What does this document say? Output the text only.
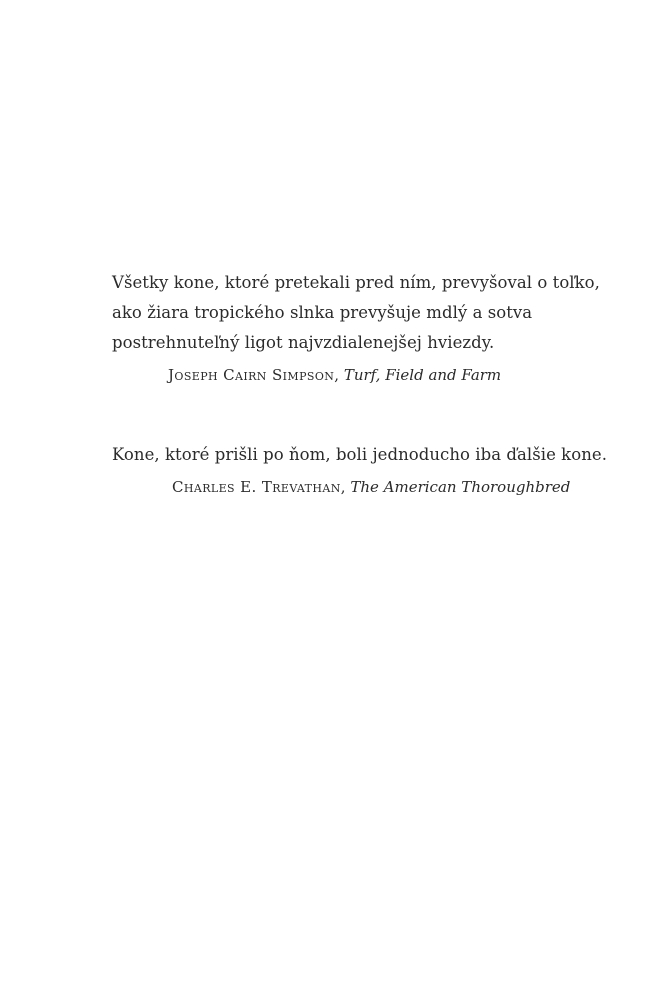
Všetky kone, ktoré pretekali pred ním, prevyšoval o toľko,
ako žiara tropického slnka prevyšuje mdlý a sotva
postrehnuteľný ligot najvzdialenejšej hviezdy.
Joseph Cairn Simpson, Turf, Field and Farm
Kone, ktoré prišli po ňom, boli jednoducho iba ďalšie kone.
Charles E. Trevathan, The American Thoroughbred
